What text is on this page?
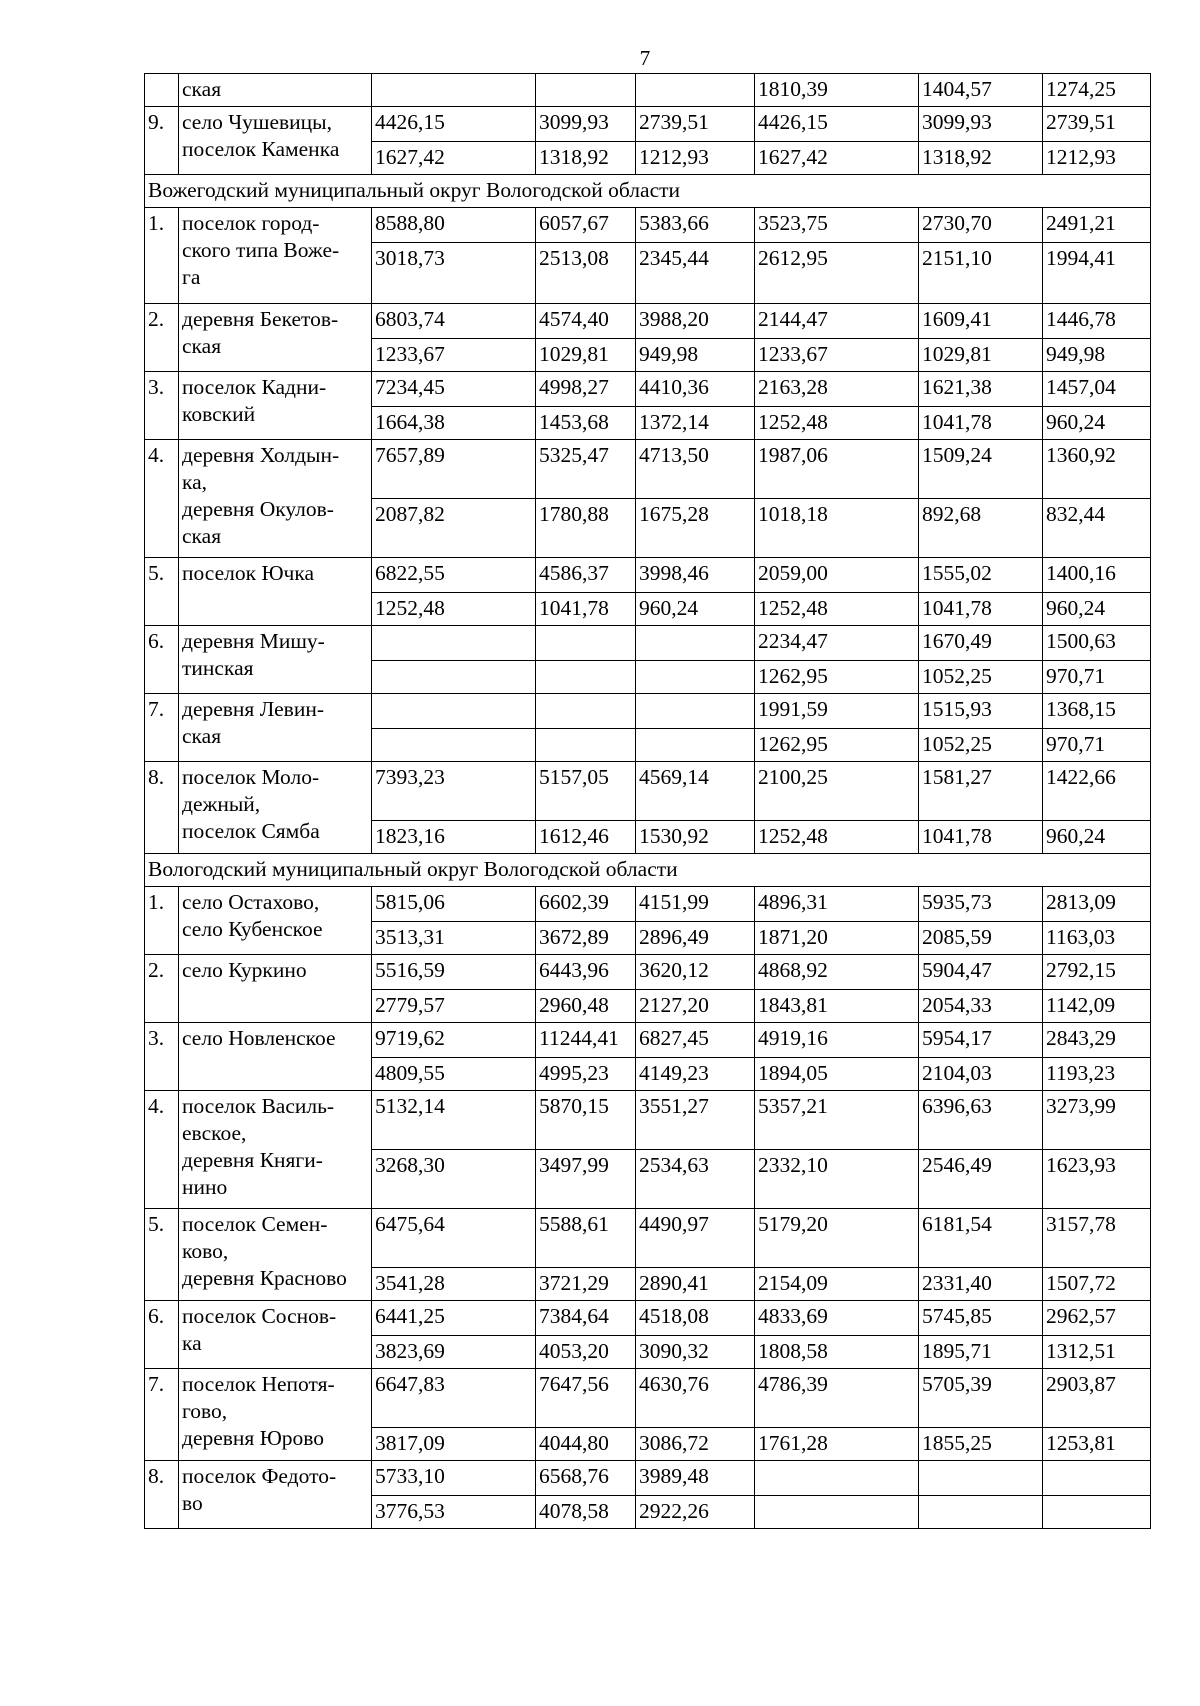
7

	ская				1810,39	1404,57	1274,25
9.	село Чушевицы,
поселок Каменка	4426,15	3099,93	2739,51	4426,15	3099,93	2739,51
		1627,42	1318,92	1212,93	1627,42	1318,92	1212,93
Вожегодский муниципальный округ Вологодской области							
1.	поселок город-
ского типа Воже-
га	8588,80	6057,67	5383,66	3523,75	2730,70	2491,21
		3018,73	2513,08	2345,44	2612,95	2151,10	1994,41
2.	деревня Бекетов-
ская	6803,74	4574,40	3988,20	2144,47	1609,41	1446,78
		1233,67	1029,81	949,98	1233,67	1029,81	949,98
3.	поселок Кадни-
ковский	7234,45	4998,27	4410,36	2163,28	1621,38	1457,04
		1664,38	1453,68	1372,14	1252,48	1041,78	960,24
4.	деревня Холдын-
ка,
деревня Окулов-
ская	7657,89	5325,47	4713,50	1987,06	1509,24	1360,92
		2087,82	1780,88	1675,28	1018,18	892,68	832,44
5.	поселок Ючка	6822,55	4586,37	3998,46	2059,00	1555,02	1400,16
		1252,48	1041,78	960,24	1252,48	1041,78	960,24
6.	деревня Мишу-
тинская				2234,47	1670,49	1500,63
					1262,95	1052,25	970,71
7.	деревня Левин-
ская				1991,59	1515,93	1368,15
					1262,95	1052,25	970,71
8.	поселок Моло-
дежный,
поселок Сямба	7393,23	5157,05	4569,14	2100,25	1581,27	1422,66
		1823,16	1612,46	1530,92	1252,48	1041,78	960,24
Вологодский муниципальный округ Вологодской области							
1.	село Остахово,
село Кубенское	5815,06	6602,39	4151,99	4896,31	5935,73	2813,09
		3513,31	3672,89	2896,49	1871,20	2085,59	1163,03
2.	село Куркино	5516,59	6443,96	3620,12	4868,92	5904,47	2792,15
		2779,57	2960,48	2127,20	1843,81	2054,33	1142,09
3.	село Новленское	9719,62	11244,41	6827,45	4919,16	5954,17	2843,29
		4809,55	4995,23	4149,23	1894,05	2104,03	1193,23
4.	поселок Василь-
евское,
деревня Княги-
нино	5132,14	5870,15	3551,27	5357,21	6396,63	3273,99
		3268,30	3497,99	2534,63	2332,10	2546,49	1623,93
5.	поселок Семен-
ково,
деревня Красново	6475,64	5588,61	4490,97	5179,20	6181,54	3157,78
		3541,28	3721,29	2890,41	2154,09	2331,40	1507,72
6.	поселок Соснов-
ка	6441,25	7384,64	4518,08	4833,69	5745,85	2962,57
		3823,69	4053,20	3090,32	1808,58	1895,71	1312,51
7.	поселок Непотя-
гово,
деревня Юрово	6647,83	7647,56	4630,76	4786,39	5705,39	2903,87
		3817,09	4044,80	3086,72	1761,28	1855,25	1253,81
8.	поселок Федото-
во	5733,10	6568,76	3989,48			
		3776,53	4078,58	2922,26			
